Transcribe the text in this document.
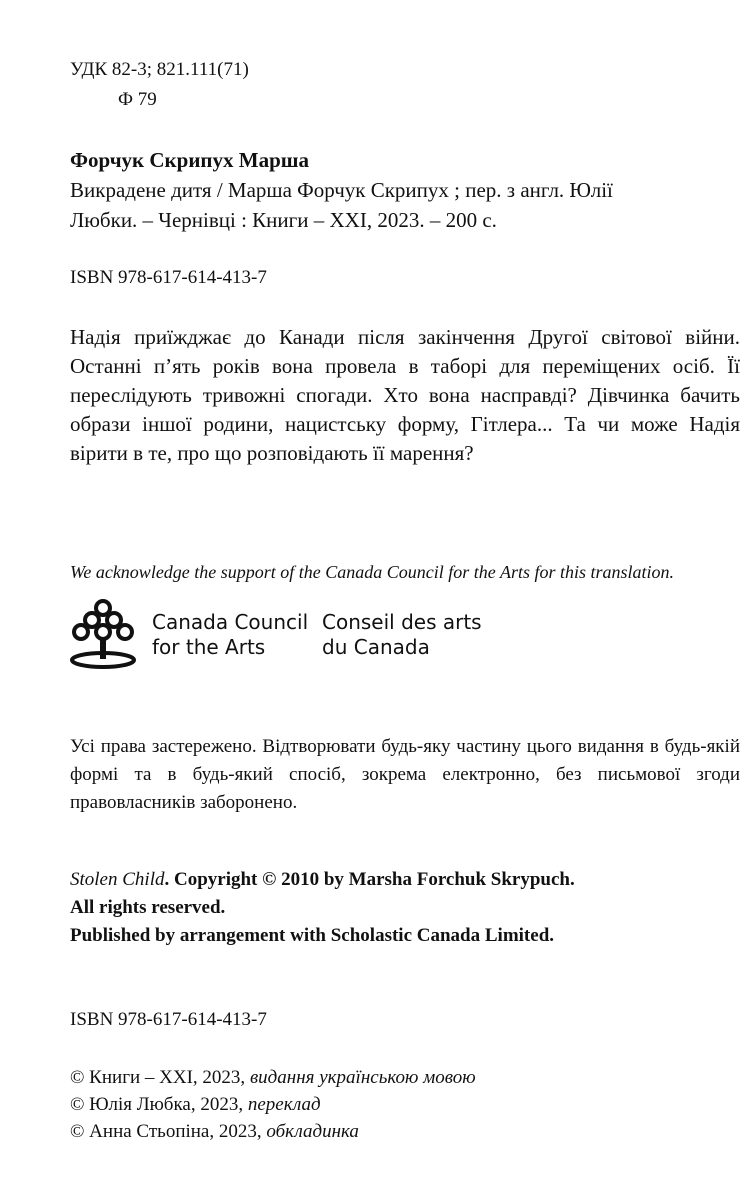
УДК 82-3; 821.111(71)
Ф 79
Форчук Скрипух Марша
Викрадене дитя / Марша Форчук Скрипух ; пер. з англ. Юлії
Любки. – Чернівці : Книги – ХХІ, 2023. – 200 с.
ISBN 978-617-614-413-7
Надія приїжджає до Канади після закінчення Другої світової війни. Останні п’ять років вона провела в таборі для переміщених осіб. Її переслідують тривожні спогади. Хто вона насправді? Дівчинка бачить образи іншої родини, нацистську форму, Гітлера... Та чи може Надія вірити в те, про що розповідають її марення?
We acknowledge the support of the Canada Council for the Arts for this translation.
Canada Council
for the Arts
Conseil des arts
du Canada
Усі права застережено. Відтворювати будь-яку частину цього видання в будь-якій формі та в будь-який спосіб, зокрема електронно, без письмової згоди правовласників заборонено.
Stolen Child. Copyright © 2010 by Marsha Forchuk Skrypuch.
All rights reserved.
Published by arrangement with Scholastic Canada Limited.
ISBN 978-617-614-413-7
© Книги – ХХІ, 2023, видання українською мовою
© Юлія Любка, 2023, переклад
© Анна Стьопіна, 2023, обкладинка
